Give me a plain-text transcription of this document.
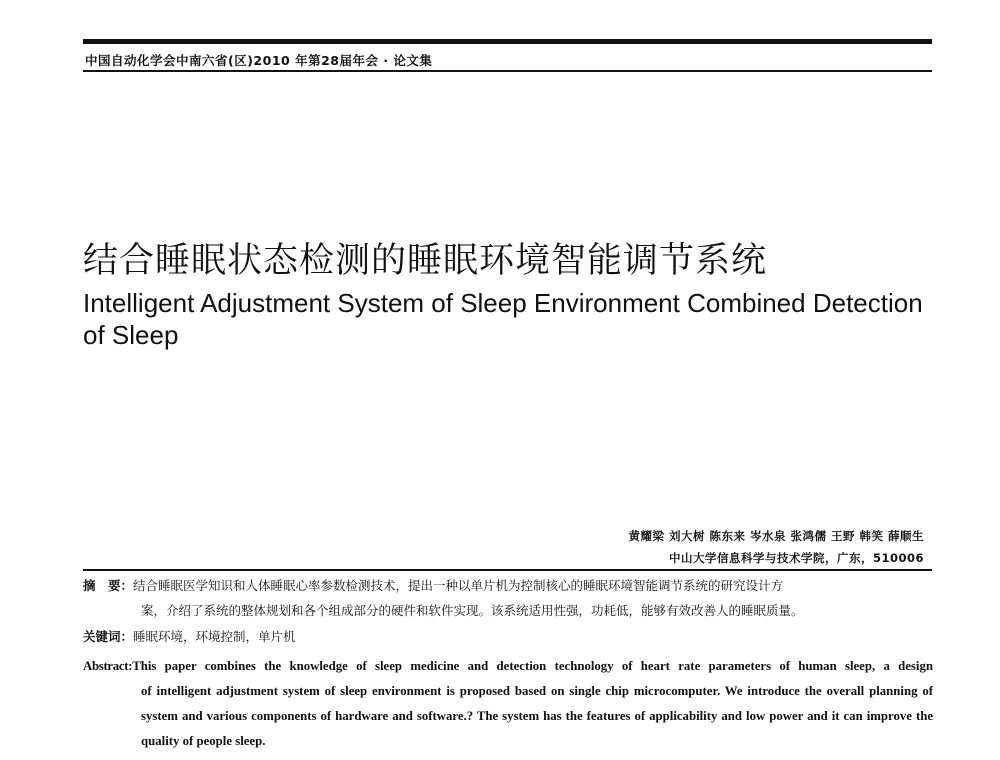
中国自动化学会中南六省(区)2010 年第28届年会 · 论文集
结合睡眠状态检测的睡眠环境智能调节系统
Intelligent Adjustment System of Sleep Environment Combined Detection of Sleep
黄耀梁 刘大树 陈东来 岑水泉 张鸿儒 王野 韩笑 薛顺生
中山大学信息科学与技术学院，广东，510006
摘　要：结合睡眠医学知识和人体睡眠心率参数检测技术，提出一种以单片机为控制核心的睡眠环境智能调节系统的研究设计方
案，介绍了系统的整体规划和各个组成部分的硬件和软件实现。该系统适用性强，功耗低，能够有效改善人的睡眠质量。
关键词：睡眠环境，环境控制，单片机
Abstract:This paper combines the knowledge of sleep medicine and detection technology of heart rate parameters of human sleep, a design
of intelligent adjustment system of sleep environment is proposed based on single chip microcomputer. We introduce the overall planning of system and various components of hardware and software.? The system has the features of applicability and low power and it can improve the quality of people sleep.
